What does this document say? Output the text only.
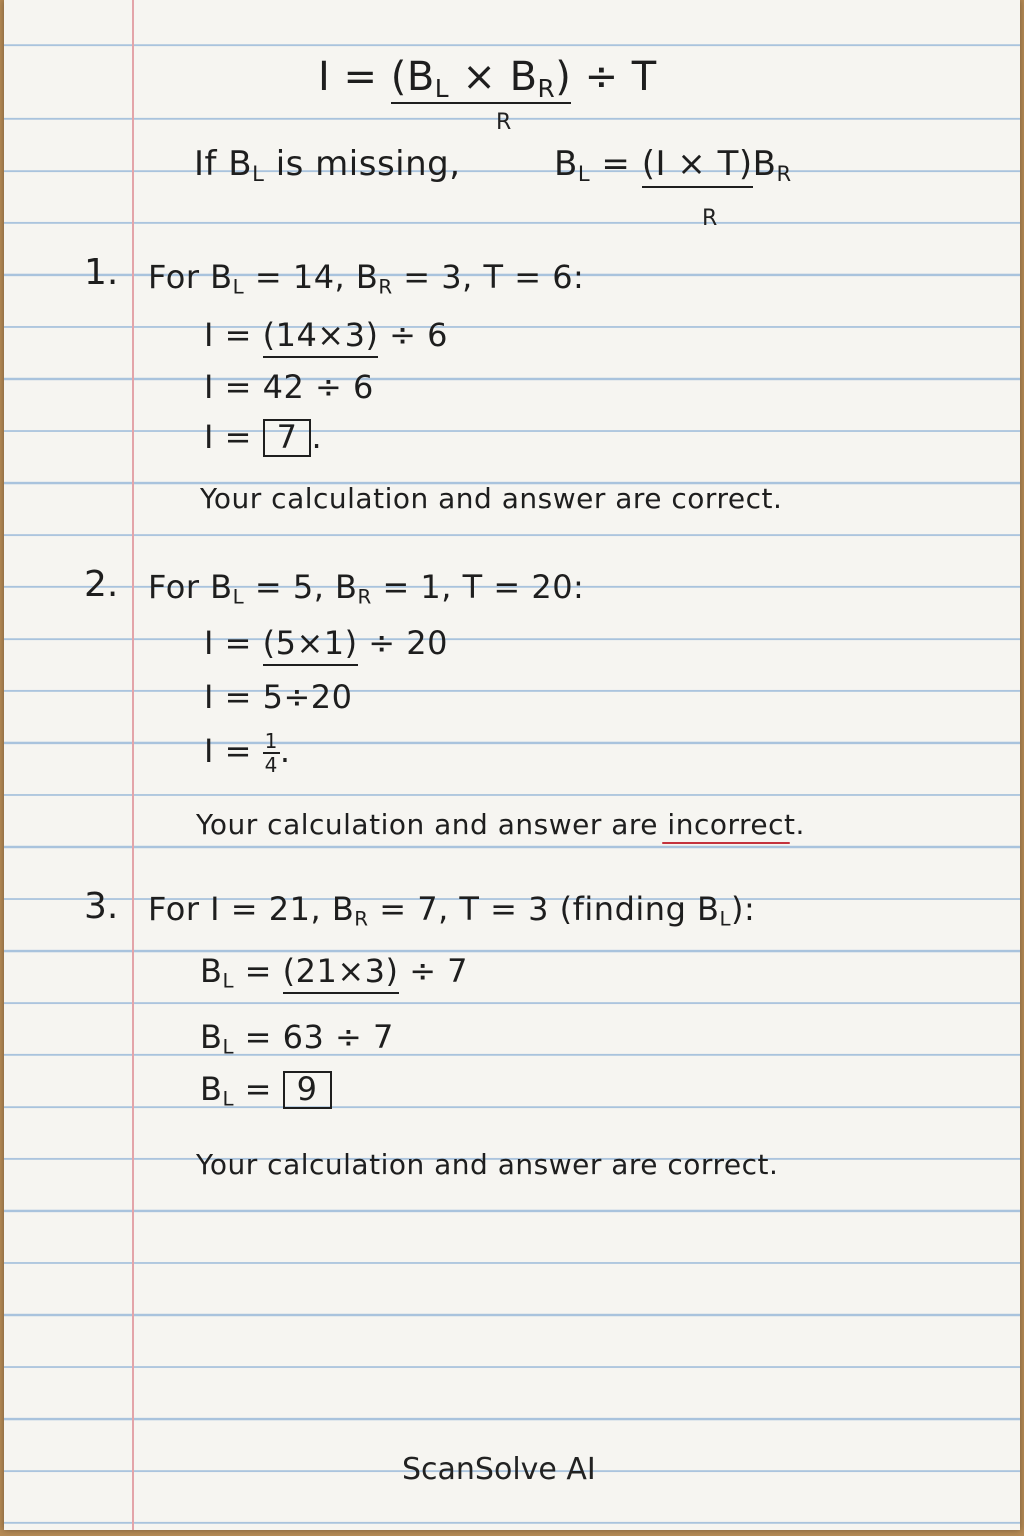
$I = (B_L \times B_R) \div T$
R
If $B_L$ is missing,	$B_L = (I \times T)B_R$
R
1. For $B_L = 14$, $B_R = 3$, T = 6:
I = (14×3) ÷ 6
I = 42 ÷ 6
I = 7 .
Your calculation and answer are correct.
2. For $B_L = 5$, $B_R = 1$, T = 20:
I = (5×1) ÷ 20
I = 5÷20
$I = \frac{1}{4}$ .
Your calculation and answer are incorrect.
3. For I = 21, $B_R = 7$, T = 3 (finding $B_L$):
$B_L = (21\times 3) \div 7$
$B_L = 63 \div 7$
$B_L = 9$
Your calculation and answer are correct.
ScanSolve AI
